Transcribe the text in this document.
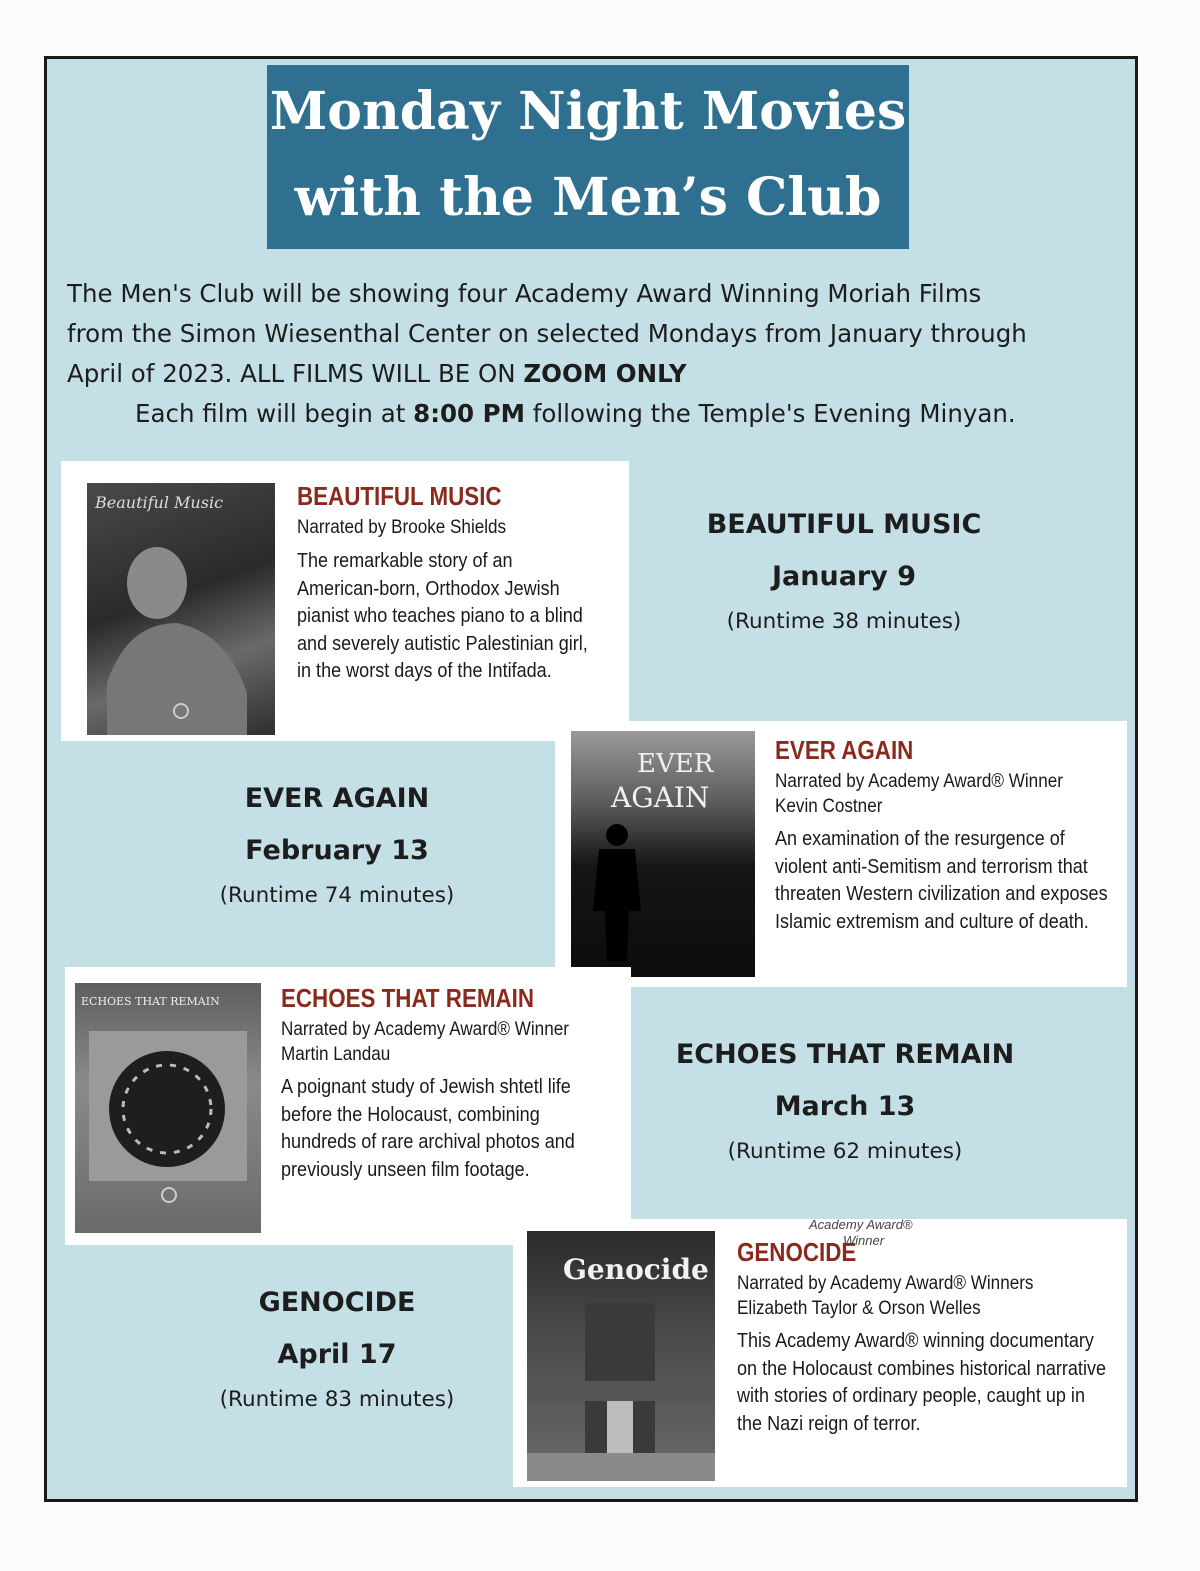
Monday Night Movies
with the Men’s Club
The Men's Club will be showing four Academy Award Winning Moriah Films
from the Simon Wiesenthal Center on selected Mondays from January through
April of 2023. ALL FILMS WILL BE ON ZOOM ONLY
Each film will begin at 8:00 PM following the Temple's Evening Minyan.
Beautiful Music	BEAUTIFUL MUSIC
Narrated by Brooke Shields
The remarkable story of an American-born, Orthodox Jewish pianist who teaches piano to a blind and severely autistic Palestinian girl, in the worst days of the Intifada.
BEAUTIFUL MUSIC
January 9
(Runtime 38 minutes)
EVER AGAIN
February 13
(Runtime 74 minutes)
EVER
AGAIN
EVER AGAIN
Narrated by Academy Award® Winner Kevin Costner
An examination of the resurgence of violent anti-Semitism and terrorism that threaten Western civilization and exposes Islamic extremism and culture of death.
ECHOES THAT REMAIN ECHOES THAT REMAIN
Narrated by Academy Award® Winner Martin Landau
A poignant study of Jewish shtetl life before the Holocaust, combining hundreds of rare archival photos and previously unseen film footage.
ECHOES THAT REMAIN
March 13
(Runtime 62 minutes)
GENOCIDE
April 17
(Runtime 83 minutes)
Genocide
Academy Award®
GENOCIDE
Winner
Narrated by Academy Award® Winners Elizabeth Taylor & Orson Welles
This Academy Award® winning documentary on the Holocaust combines historical narrative with stories of ordinary people, caught up in the Nazi reign of terror.
